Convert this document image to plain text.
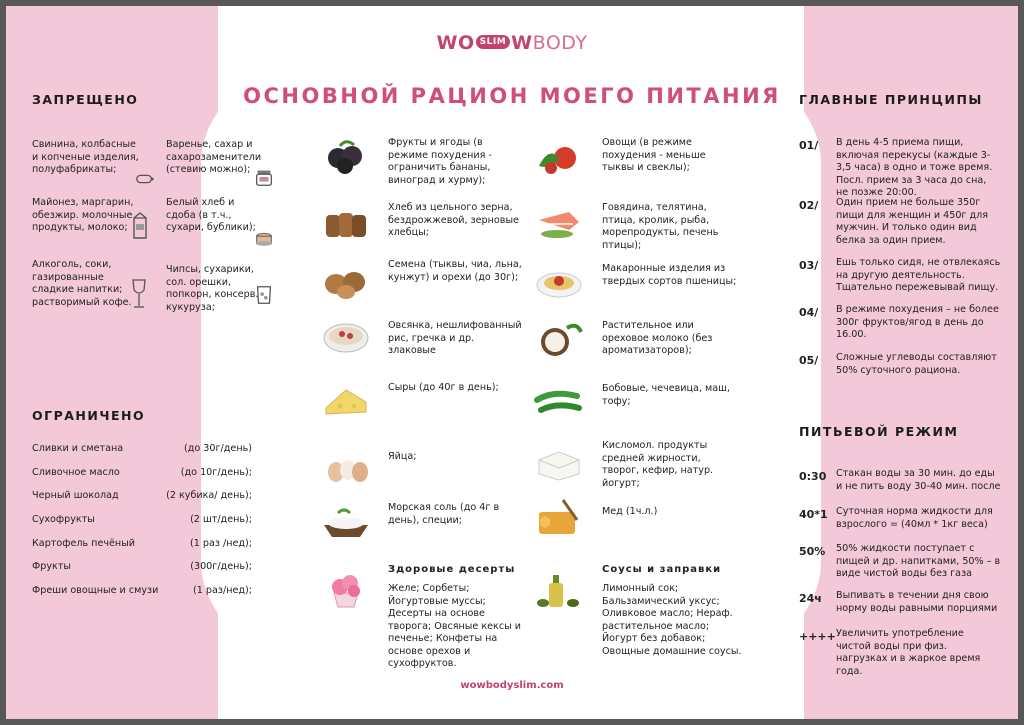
WO SLIM WBODY
ОСНОВНОЙ РАЦИОН МОЕГО ПИТАНИЯ
ЗАПРЕЩЕНО
Свинина, колбасные и копченые изделия, полуфабрикаты;
Варенье, сахар и сахарозаменители (стевию можно);
Майонез, маргарин, обезжир. молочные продукты, молоко;
Белый хлеб и сдоба (в т.ч., сухари, бублики);
Алкоголь, соки, газированные сладкие напитки; растворимый кофе.
Чипсы, сухарики, сол. орешки, попкорн, консерв. кукуруза;
ОГРАНИЧЕНО
Сливки и сметана	(до 30г/день)
Сливочное масло	(до 10г/день);
Черный шоколад	(2 кубика/ день);
Сухофрукты	(2 шт/день);
Картофель печёный	(1 раз /нед);
Фрукты	(300г/день);
Фреши овощные и смузи	(1 раз/нед);
Фрукты и ягоды (в режиме похудения - ограничить бананы, виноград и хурму);
Хлеб из цельного зерна, бездрожжевой, зерновые хлебцы;
Семена (тыквы, чиа, льна, кунжут) и орехи (до 30г);
Овсянка, нешлифованный рис, гречка и др. злаковые
Сыры (до 40г в день);
Яйца;
Морская соль (до 4г в день), специи;
Овощи (в режиме похудения - меньше тыквы и свеклы);
Говядина, телятина, птица, кролик, рыба, морепродукты, печень птицы);
Макаронные изделия из твердых сортов пшеницы;
Растительное или ореховое молоко (без ароматизаторов);
Бобовые, чечевица, маш, тофу;
Кисломол. продукты средней жирности, творог, кефир, натур. йогурт;
Мед (1ч.л.)
Здоровые десерты
Желе; Сорбеты; Йогуртовые муссы; Десерты на основе творога; Овсяные кексы и печенье; Конфеты на основе орехов и сухофруктов.
Соусы и заправки
Лимонный сок; Бальзамический уксус; Оливковое масло; Нераф. растительное масло; Йогурт без добавок; Овощные домашние соусы.
wowbodyslim.com
ГЛАВНЫЕ ПРИНЦИПЫ
01/ В день 4-5 приема пищи, включая перекусы (каждые 3-3,5 часа) в одно и тоже время. Посл. прием за 3 часа до сна, не позже 20:00.
02/ Один прием не больше 350г пищи для женщин и 450г для мужчин. И только один вид белка за один прием.
03/ Ешь только сидя, не отвлекаясь на другую деятельность. Тщательно пережевывай пищу.
04/ В режиме похудения – не более 300г фруктов/ягод в день до 16.00.
05/ Сложные углеводы составляют 50% суточного рациона.
ПИТЬЕВОЙ РЕЖИМ
0:30 Стакан воды за 30 мин. до еды и не пить воду 30-40 мин. после
40*1 Суточная норма жидкости для взрослого = (40мл * 1кг веса)
50% 50% жидкости поступает с пищей и др. напитками, 50% – в виде чистой воды без газа
24ч Выпивать в течении дня свою норму воды равными порциями
++++ Увеличить употребление чистой воды при физ. нагрузках и в жаркое время года.
